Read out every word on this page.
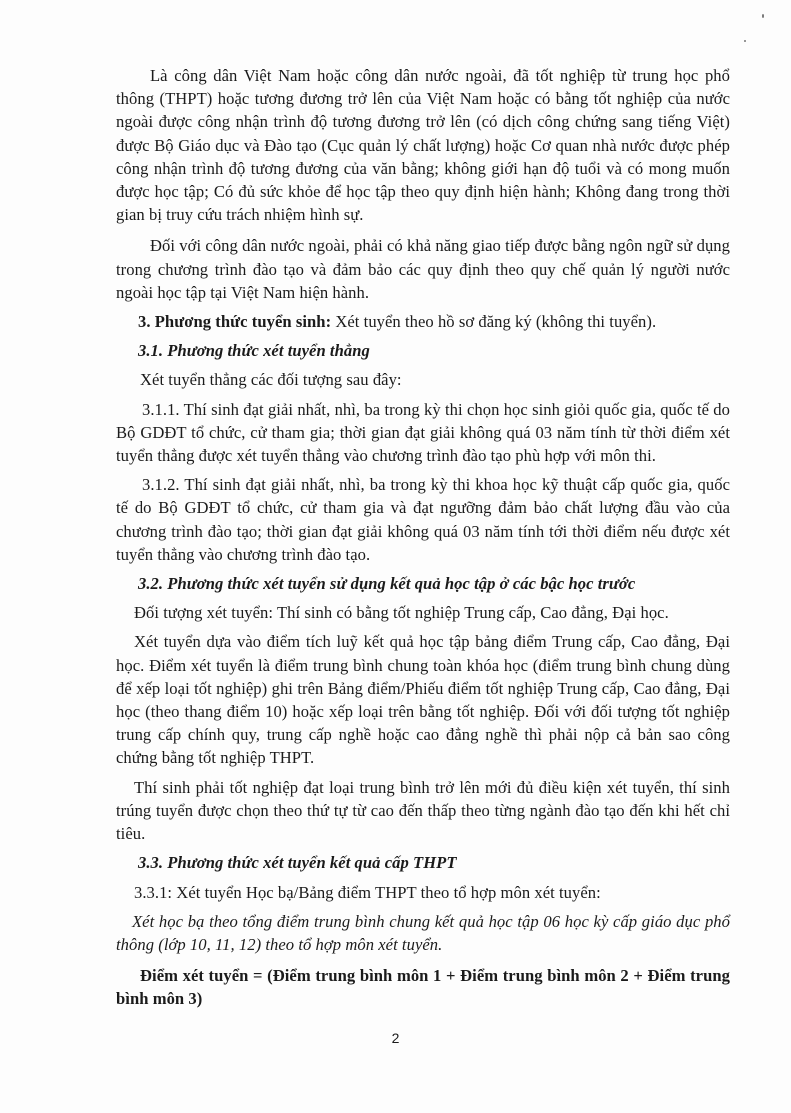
Là công dân Việt Nam hoặc công dân nước ngoài, đã tốt nghiệp từ trung học phổ thông (THPT) hoặc tương đương trở lên của Việt Nam hoặc có bằng tốt nghiệp của nước ngoài được công nhận trình độ tương đương trở lên (có dịch công chứng sang tiếng Việt) được Bộ Giáo dục và Đào tạo (Cục quản lý chất lượng) hoặc Cơ quan nhà nước được phép công nhận trình độ tương đương của văn bằng; không giới hạn độ tuổi và có mong muốn được học tập; Có đủ sức khỏe để học tập theo quy định hiện hành; Không đang trong thời gian bị truy cứu trách nhiệm hình sự.

Đối với công dân nước ngoài, phải có khả năng giao tiếp được bằng ngôn ngữ sử dụng trong chương trình đào tạo và đảm bảo các quy định theo quy chế quản lý người nước ngoài học tập tại Việt Nam hiện hành.

3. Phương thức tuyển sinh: Xét tuyển theo hồ sơ đăng ký (không thi tuyển).

3.1. Phương thức xét tuyển thẳng

Xét tuyển thẳng các đối tượng sau đây:

3.1.1. Thí sinh đạt giải nhất, nhì, ba trong kỳ thi chọn học sinh giỏi quốc gia, quốc tế do Bộ GDĐT tổ chức, cử tham gia; thời gian đạt giải không quá 03 năm tính từ thời điểm xét tuyển thẳng được xét tuyển thẳng vào chương trình đào tạo phù hợp với môn thi.

3.1.2. Thí sinh đạt giải nhất, nhì, ba trong kỳ thi khoa học kỹ thuật cấp quốc gia, quốc tế do Bộ GDĐT tổ chức, cử tham gia và đạt ngưỡng đảm bảo chất lượng đầu vào của chương trình đào tạo; thời gian đạt giải không quá 03 năm tính tới thời điểm nếu được xét tuyển thẳng vào chương trình đào tạo.

3.2. Phương thức xét tuyển sử dụng kết quả học tập ở các bậc học trước

Đối tượng xét tuyển: Thí sinh có bằng tốt nghiệp Trung cấp, Cao đẳng, Đại học.

Xét tuyển dựa vào điểm tích luỹ kết quả học tập bảng điểm Trung cấp, Cao đẳng, Đại học. Điểm xét tuyển là điểm trung bình chung toàn khóa học (điểm trung bình chung dùng để xếp loại tốt nghiệp) ghi trên Bảng điểm/Phiếu điểm tốt nghiệp Trung cấp, Cao đẳng, Đại học (theo thang điểm 10) hoặc xếp loại trên bằng tốt nghiệp. Đối với đối tượng tốt nghiệp trung cấp chính quy, trung cấp nghề hoặc cao đẳng nghề thì phải nộp cả bản sao công chứng bằng tốt nghiệp THPT.

Thí sinh phải tốt nghiệp đạt loại trung bình trở lên mới đủ điều kiện xét tuyển, thí sinh trúng tuyển được chọn theo thứ tự từ cao đến thấp theo từng ngành đào tạo đến khi hết chỉ tiêu.

3.3. Phương thức xét tuyển kết quả cấp THPT

3.3.1: Xét tuyển Học bạ/Bảng điểm THPT theo tổ hợp môn xét tuyển:

Xét học bạ theo tổng điểm trung bình chung kết quả học tập 06 học kỳ cấp giáo dục phổ thông (lớp 10, 11, 12) theo tổ hợp môn xét tuyển.

Điểm xét tuyển = (Điểm trung bình môn 1 + Điểm trung bình môn 2 + Điểm trung bình môn 3)

2
